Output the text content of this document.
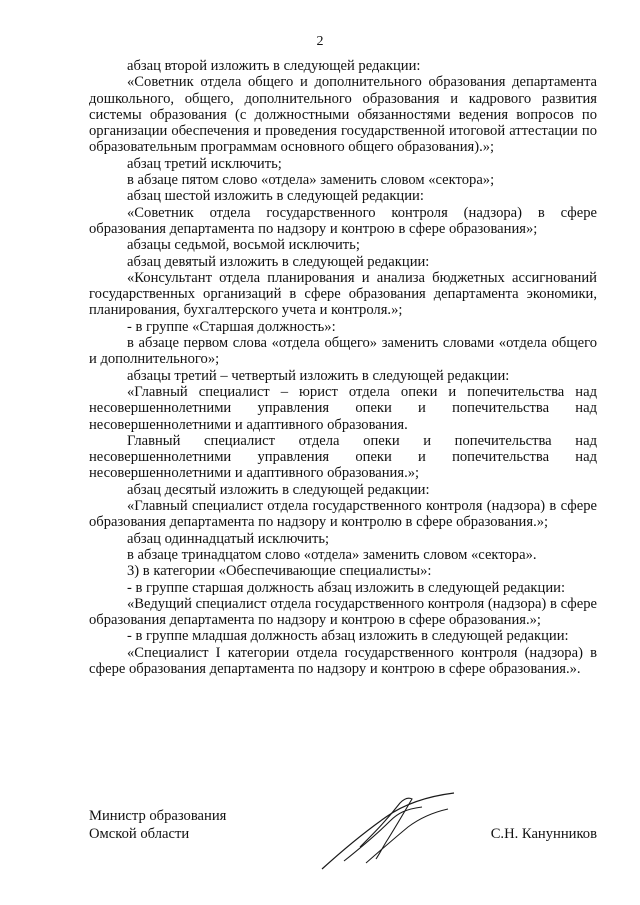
2

абзац второй изложить в следующей редакции:

«Советник отдела общего и дополнительного образования департамента дошкольного, общего, дополнительного образования и кадрового развития системы образования (с должностными обязанностями ведения вопросов по организации обеспечения и проведения государственной итоговой аттестации по образовательным программам основного общего образования).»;

абзац третий исключить;

в абзаце пятом слово «отдела» заменить словом «сектора»;

абзац шестой изложить в следующей редакции:

«Советник отдела государственного контроля (надзора) в сфере образования департамента по надзору и контрою в сфере образования»;

абзацы седьмой, восьмой исключить;

абзац девятый изложить в следующей редакции:

«Консультант отдела планирования и анализа бюджетных ассигнований государственных организаций в сфере образования департамента экономики, планирования, бухгалтерского учета и контроля.»;

- в группе «Старшая должность»:

в абзаце первом слова «отдела общего» заменить словами «отдела общего и дополнительного»;

абзацы третий – четвертый изложить в следующей редакции:

«Главный специалист – юрист отдела опеки и попечительства над несовершеннолетними управления опеки и попечительства над несовершеннолетними и адаптивного образования.

Главный специалист отдела опеки и попечительства над несовершеннолетними управления опеки и попечительства над несовершеннолетними и адаптивного образования.»;

абзац десятый изложить в следующей редакции:

«Главный специалист отдела государственного контроля (надзора) в сфере образования департамента по надзору и контролю в сфере образования.»;

абзац одиннадцатый исключить;

в абзаце тринадцатом слово «отдела» заменить словом «сектора».

3) в категории «Обеспечивающие специалисты»:

- в группе старшая должность абзац изложить в следующей редакции:

«Ведущий специалист отдела государственного контроля (надзора) в сфере образования департамента по надзору и контрою в сфере образования.»;

- в группе младшая должность абзац изложить в следующей редакции:

«Специалист I категории отдела государственного контроля (надзора) в сфере образования департамента по надзору и контрою в сфере образования.».

Министр образования
Омской области	С.Н. Канунников
